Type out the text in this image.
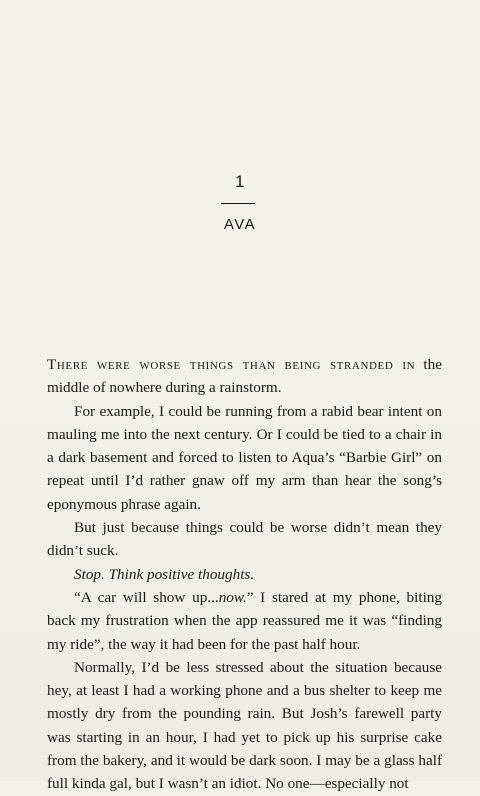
1
AVA

There were worse things than being stranded in the middle of nowhere during a rainstorm.

For example, I could be running from a rabid bear intent on mauling me into the next century. Or I could be tied to a chair in a dark basement and forced to listen to Aqua’s “Barbie Girl” on repeat until I’d rather gnaw off my arm than hear the song’s eponymous phrase again.

But just because things could be worse didn’t mean they didn’t suck.

Stop. Think positive thoughts.

“A car will show up...now.” I stared at my phone, biting back my frustration when the app reassured me it was “finding my ride”, the way it had been for the past half hour.

Normally, I’d be less stressed about the situation because hey, at least I had a working phone and a bus shelter to keep me mostly dry from the pounding rain. But Josh’s farewell party was starting in an hour, I had yet to pick up his surprise cake from the bakery, and it would be dark soon. I may be a glass half full kinda gal, but I wasn’t an idiot. No one—especially not
